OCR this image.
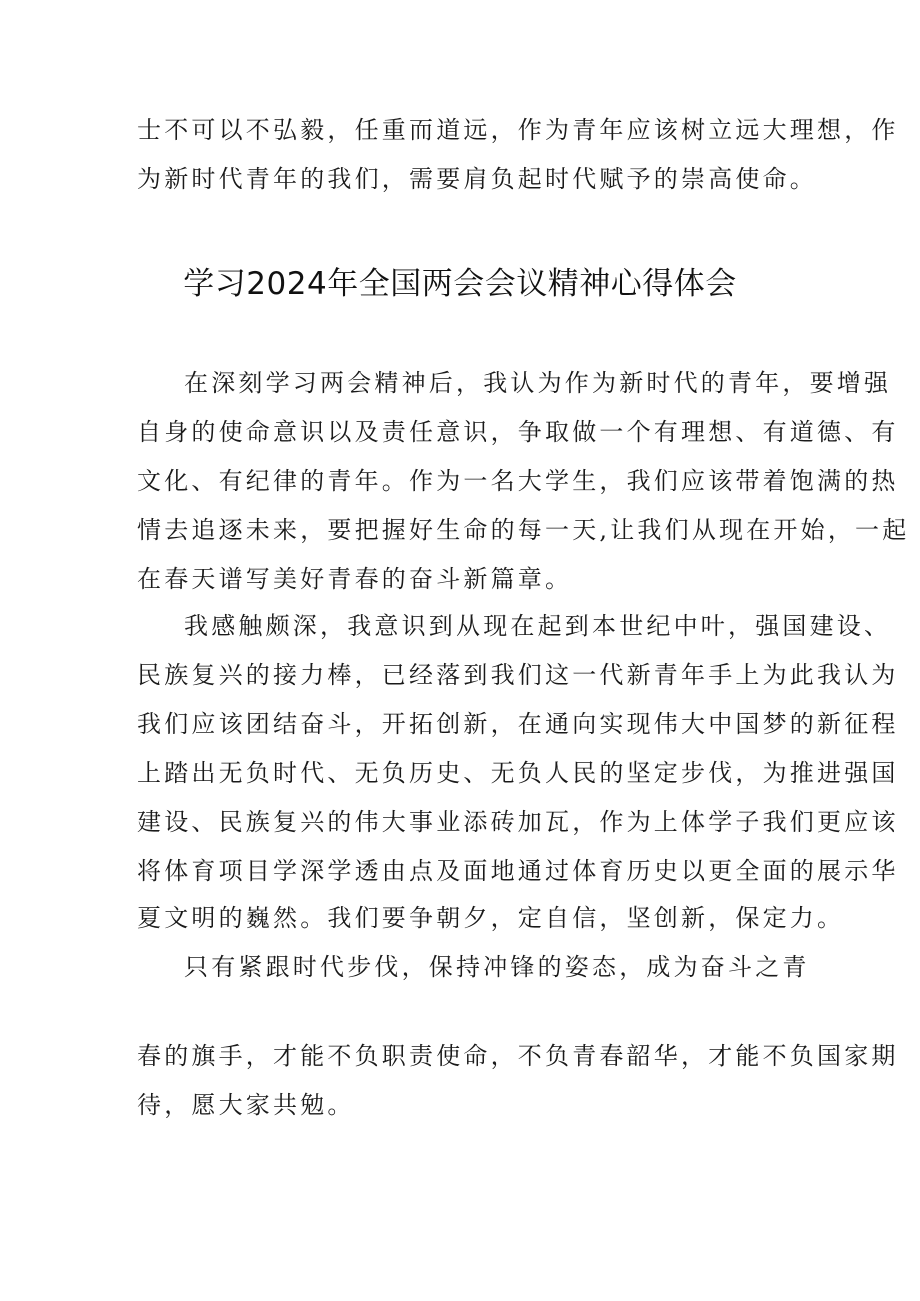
士不可以不弘毅，任重而道远，作为青年应该树立远大理想，作
为新时代青年的我们，需要肩负起时代赋予的崇高使命。
学习2024年全国两会会议精神心得体会
在深刻学习两会精神后，我认为作为新时代的青年，要增强
自身的使命意识以及责任意识，争取做一个有理想、有道德、有
文化、有纪律的青年。作为一名大学生，我们应该带着饱满的热
情去追逐未来，要把握好生命的每一天,让我们从现在开始，一起
在春天谱写美好青春的奋斗新篇章。
我感触颇深，我意识到从现在起到本世纪中叶，强国建设、
民族复兴的接力棒，已经落到我们这一代新青年手上为此我认为
我们应该团结奋斗，开拓创新，在通向实现伟大中国梦的新征程
上踏出无负时代、无负历史、无负人民的坚定步伐，为推进强国
建设、民族复兴的伟大事业添砖加瓦，作为上体学子我们更应该
将体育项目学深学透由点及面地通过体育历史以更全面的展示华
夏文明的巍然。我们要争朝夕，定自信，坚创新，保定力。
只有紧跟时代步伐，保持冲锋的姿态，成为奋斗之青
春的旗手，才能不负职责使命，不负青春韶华，才能不负国家期
待，愿大家共勉。
